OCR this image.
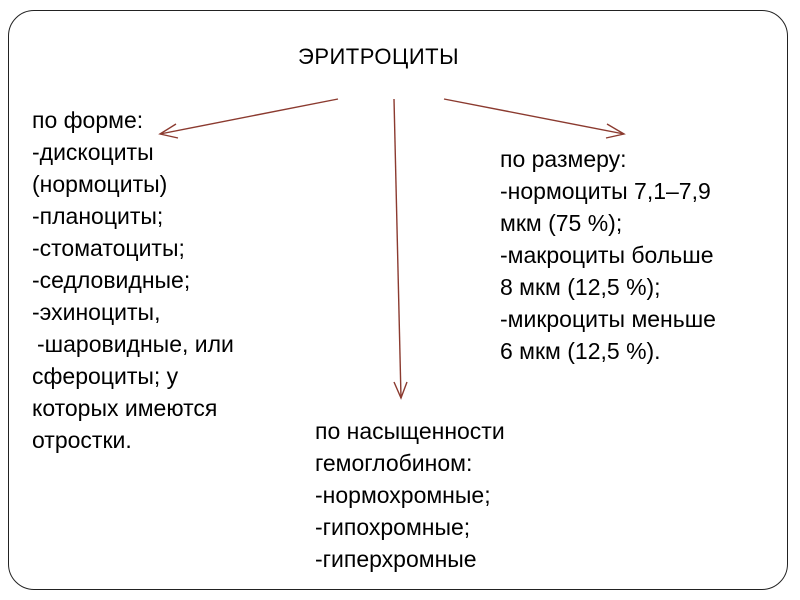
ЭРИТРОЦИТЫ
по форме:
-дискоциты
(нормоциты)
-планоциты;
-стоматоциты;
-седловидные;
-эхиноциты,
-шаровидные, или
сфероциты; у
которых имеются
отростки.
по размеру:
-нормоциты 7,1–7,9
мкм (75 %);
-макроциты больше
8 мкм (12,5 %);
-микроциты меньше
6 мкм (12,5 %).
по насыщенности
гемоглобином:
-нормохромные;
-гипохромные;
-гиперхромные
